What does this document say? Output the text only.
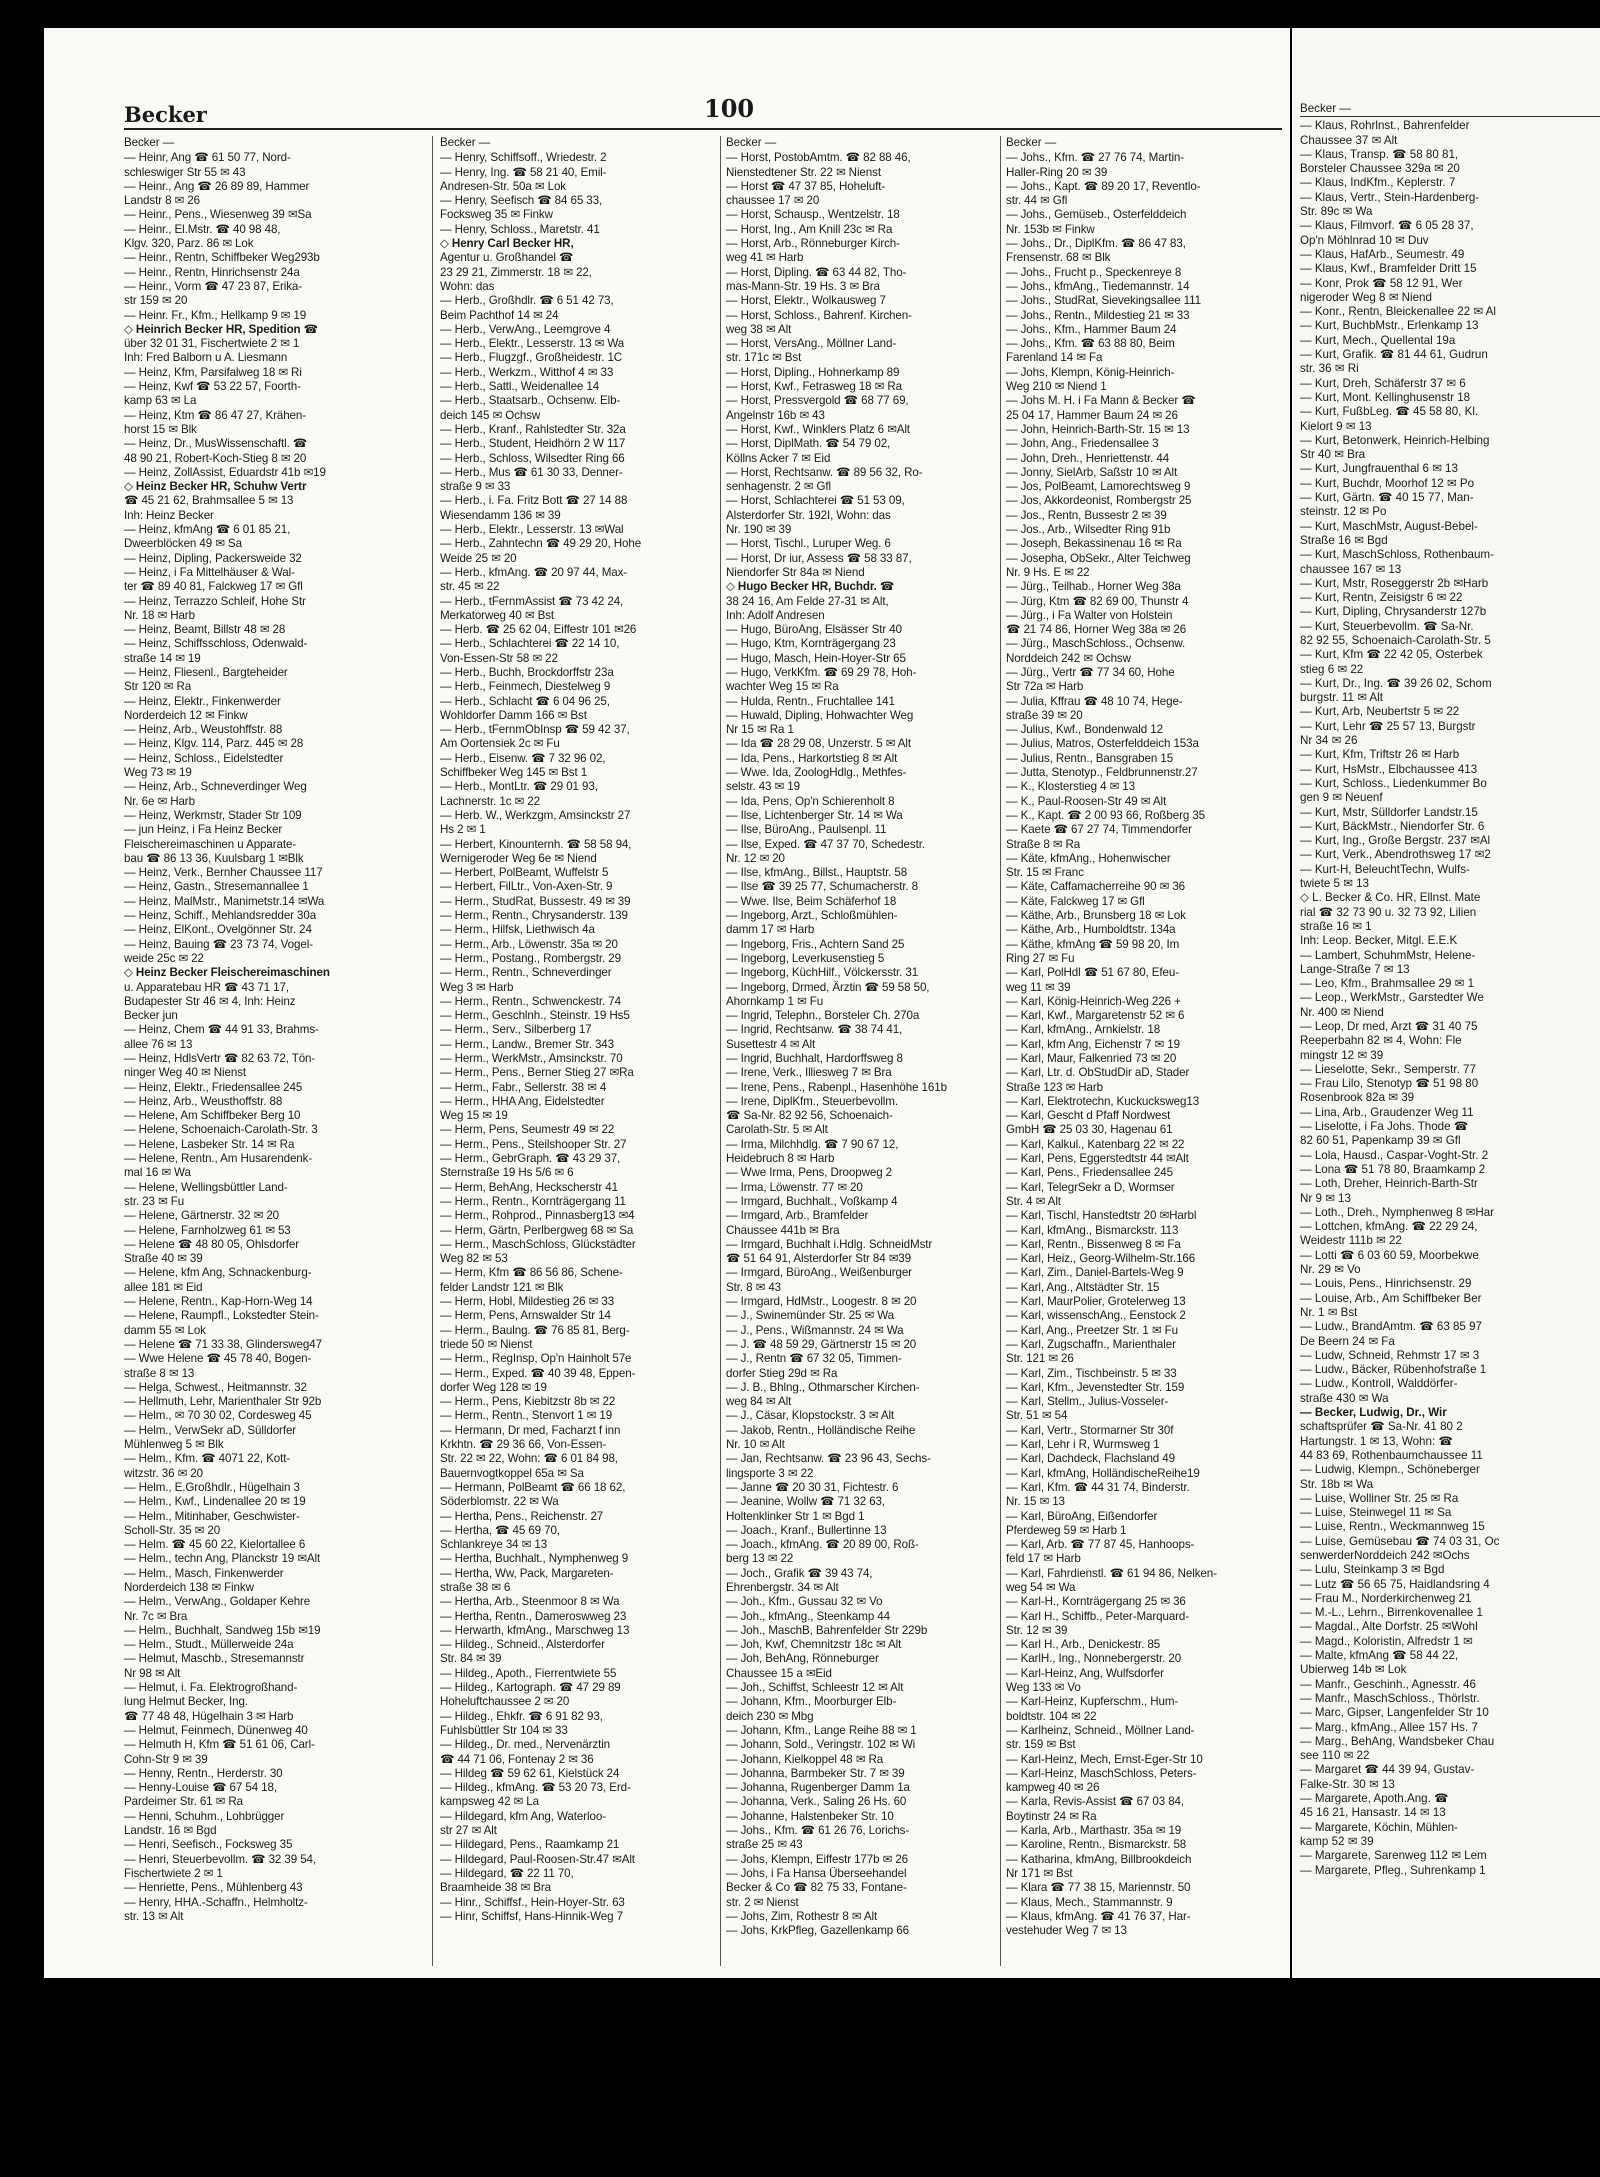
Becker	100
Becker —
— Heinr, Ang ☎ 61 50 77, Nord-
schleswiger Str 55 ✉ 43
— Heinr., Ang ☎ 26 89 89, Hammer
Landstr 8 ✉ 26
— Heinr., Pens., Wiesenweg 39 ✉Sa
— Heinr., El.Mstr. ☎ 40 98 48,
Klgv. 320, Parz. 86 ✉ Lok
— Heinr., Rentn, Schiffbeker Weg293b
— Heinr., Rentn, Hinrichsenstr 24a
— Heinr., Vorm ☎ 47 23 87, Erika-
str 159 ✉ 20
— Heinr. Fr., Kfm., Hellkamp 9 ✉ 19
◇ Heinrich Becker HR, Spedition ☎
über 32 01 31, Fischertwiete 2 ✉ 1
Inh: Fred Balborn u A. Liesmann
— Heinz, Kfm, Parsifalweg 18 ✉ Ri
— Heinz, Kwf ☎ 53 22 57, Foorth-
kamp 63 ✉ La
— Heinz, Ktm ☎ 86 47 27, Krähen-
horst 15 ✉ Blk
— Heinz, Dr., MusWissenschaftl. ☎
48 90 21, Robert-Koch-Stieg 8 ✉ 20
— Heinz, ZollAssist, Eduardstr 41b ✉19
◇ Heinz Becker HR, Schuhw Vertr
☎ 45 21 62, Brahmsallee 5 ✉ 13
Inh: Heinz Becker
— Heinz, kfmAng ☎ 6 01 85 21,
Dweerblöcken 49 ✉ Sa
— Heinz, Dipling, Packersweide 32
— Heinz, i Fa Mittelhäuser & Wal-
ter ☎ 89 40 81, Falckweg 17 ✉ Gfl
— Heinz, Terrazzo Schleif, Hohe Str
Nr. 18 ✉ Harb
— Heinz, Beamt, Billstr 48 ✉ 28
— Heinz, Schiffsschloss, Odenwald-
straße 14 ✉ 19
— Heinz, Fliesenl., Bargteheider
Str 120 ✉ Ra
— Heinz, Elektr., Finkenwerder
Norderdeich 12 ✉ Finkw
— Heinz, Arb., Weustohffstr. 88
— Heinz, Klgv. 114, Parz. 445 ✉ 28
— Heinz, Schloss., Eidelstedter
Weg 73 ✉ 19
— Heinz, Arb., Schneverdinger Weg
Nr. 6e ✉ Harb
— Heinz, Werkmstr, Stader Str 109
— jun Heinz, i Fa Heinz Becker
Fleischereimaschinen u Apparate-
bau ☎ 86 13 36, Kuulsbarg 1 ✉Blk
— Heinz, Verk., Bernher Chaussee 117
— Heinz, Gastn., Stresemannallee 1
— Heinz, MalMstr., Manimetstr.14 ✉Wa
— Heinz, Schiff., Mehlandsredder 30a
— Heinz, ElKont., Ovelgönner Str. 24
— Heinz, Bauing ☎ 23 73 74, Vogel-
weide 25c ✉ 22
◇ Heinz Becker Fleischereimaschinen
u. Apparatebau HR ☎ 43 71 17,
Budapester Str 46 ✉ 4, Inh: Heinz
Becker jun
— Heinz, Chem ☎ 44 91 33, Brahms-
allee 76 ✉ 13
— Heinz, HdlsVertr ☎ 82 63 72, Tön-
ninger Weg 40 ✉ Nienst
— Heinz, Elektr., Friedensallee 245
— Heinz, Arb., Weusthoffstr. 88
— Helene, Am Schiffbeker Berg 10
— Helene, Schoenaich-Carolath-Str. 3
— Helene, Lasbeker Str. 14 ✉ Ra
— Helene, Rentn., Am Husarendenk-
mal 16 ✉ Wa
— Helene, Wellingsbüttler Land-
str. 23 ✉ Fu
— Helene, Gärtnerstr. 32 ✉ 20
— Helene, Farnholzweg 61 ✉ 53
— Helene ☎ 48 80 05, Ohlsdorfer
Straße 40 ✉ 39
— Helene, kfm Ang, Schnackenburg-
allee 181 ✉ Eid
— Helene, Rentn., Kap-Horn-Weg 14
— Helene, Raumpfl., Lokstedter Stein-
damm 55 ✉ Lok
— Helene ☎ 71 33 38, Glindersweg47
— Wwe Helene ☎ 45 78 40, Bogen-
straße 8 ✉ 13
— Helga, Schwest., Heitmannstr. 32
— Hellmuth, Lehr, Marienthaler Str 92b
— Helm., ✉ 70 30 02, Cordesweg 45
— Helm., VerwSekr aD, Sülldorfer
Mühlenweg 5 ✉ Blk
— Helm., Kfm. ☎ 4071 22, Kott-
witzstr. 36 ✉ 20
— Helm., E.Großhdlr., Hügelhain 3
— Helm., Kwf., Lindenallee 20 ✉ 19
— Helm., Mitinhaber, Geschwister-
Scholl-Str. 35 ✉ 20
— Helm. ☎ 45 60 22, Kielortallee 6
— Helm., techn Ang, Planckstr 19 ✉Alt
— Helm., Masch, Finkenwerder
Norderdeich 138 ✉ Finkw
— Helm., VerwAng., Goldaper Kehre
Nr. 7c ✉ Bra
— Helm., Buchhalt, Sandweg 15b ✉19
— Helm., Studt., Müllerweide 24a
— Helmut, Maschb., Stresemannstr
Nr 98 ✉ Alt
— Helmut, i. Fa. Elektrogroßhand-
lung Helmut Becker, Ing.
☎ 77 48 48, Hügelhain 3 ✉ Harb
— Helmut, Feinmech, Dünenweg 40
— Helmuth H, Kfm ☎ 51 61 06, Carl-
Cohn-Str 9 ✉ 39
— Henny, Rentn., Herderstr. 30
— Henny-Louise ☎ 67 54 18,
Pardeimer Str. 61 ✉ Ra
— Henni, Schuhm., Lohbrügger
Landstr. 16 ✉ Bgd
— Henri, Seefisch., Focksweg 35
— Henri, Steuerbevollm. ☎ 32 39 54,
Fischertwiete 2 ✉ 1
— Henriette, Pens., Mühlenberg 43
— Henry, HHA.-Schaffn., Helmholtz-
str. 13 ✉ Alt
Becker —
— Henry, Schiffsoff., Wriedestr. 2
— Henry, Ing. ☎ 58 21 40, Emil-
Andresen-Str. 50a ✉ Lok
— Henry, Seefisch ☎ 84 65 33,
Focksweg 35 ✉ Finkw
— Henry, Schloss., Maretstr. 41
◇ Henry Carl Becker HR,
Agentur u. Großhandel ☎
23 29 21, Zimmerstr. 18 ✉ 22,
Wohn: das
— Herb., Großhdlr. ☎ 6 51 42 73,
Beim Pachthof 14 ✉ 24
— Herb., VerwAng., Leemgrove 4
— Herb., Elektr., Lesserstr. 13 ✉ Wa
— Herb., Flugzgf., Großheidestr. 1C
— Herb., Werkzm., Witthof 4 ✉ 33
— Herb., Sattl., Weidenallee 14
— Herb., Staatsarb., Ochsenw. Elb-
deich 145 ✉ Ochsw
— Herb., Kranf., Rahlstedter Str. 32a
— Herb., Student, Heidhörn 2 W 117
— Herb., Schloss, Wilsedter Ring 66
— Herb., Mus ☎ 61 30 33, Denner-
straße 9 ✉ 33
— Herb., i. Fa. Fritz Bott ☎ 27 14 88
Wiesendamm 136 ✉ 39
— Herb., Elektr., Lesserstr. 13 ✉Wal
— Herb., Zahntechn ☎ 49 29 20, Hohe
Weide 25 ✉ 20
— Herb., kfmAng. ☎ 20 97 44, Max-
str. 45 ✉ 22
— Herb., tFernmAssist ☎ 73 42 24,
Merkatorweg 40 ✉ Bst
— Herb. ☎ 25 62 04, Eiffestr 101 ✉26
— Herb., Schlachterei ☎ 22 14 10,
Von-Essen-Str 58 ✉ 22
— Herb., Buchh, Brockdorffstr 23a
— Herb., Feinmech, Diestelweg 9
— Herb., Schlacht ☎ 6 04 96 25,
Wohldorfer Damm 166 ✉ Bst
— Herb., tFernmObInsp ☎ 59 42 37,
Am Oortensiek 2c ✉ Fu
— Herb., Eisenw. ☎ 7 32 96 02,
Schiffbeker Weg 145 ✉ Bst 1
— Herb., MontLtr. ☎ 29 01 93,
Lachnerstr. 1c ✉ 22
— Herb. W., Werkzgm, Amsinckstr 27
Hs 2 ✉ 1
— Herbert, Kinounternh. ☎ 58 58 94,
Wernigeroder Weg 6e ✉ Niend
— Herbert, PolBeamt, Wuffelstr 5
— Herbert, FilLtr., Von-Axen-Str. 9
— Herm., StudRat, Bussestr. 49 ✉ 39
— Herm., Rentn., Chrysanderstr. 139
— Herm., Hilfsk, Liethwisch 4a
— Herm., Arb., Löwenstr. 35a ✉ 20
— Herm., Postang., Rombergstr. 29
— Herm., Rentn., Schneverdinger
Weg 3 ✉ Harb
— Herm., Rentn., Schwenckestr. 74
— Herm., Geschlnh., Steinstr. 19 Hs5
— Herm., Serv., Silberberg 17
— Herm., Landw., Bremer Str. 343
— Herm., WerkMstr., Amsinckstr. 70
— Herm., Pens., Berner Stieg 27 ✉Ra
— Herm., Fabr., Sellerstr. 38 ✉ 4
— Herm., HHA Ang, Eidelstedter
Weg 15 ✉ 19
— Herm, Pens, Seumestr 49 ✉ 22
— Herm., Pens., Steilshooper Str. 27
— Herm., GebrGraph. ☎ 43 29 37,
Sternstraße 19 Hs 5/6 ✉ 6
— Herm, BehAng, Heckscherstr 41
— Herm., Rentn., Kornträgergang 11
— Herm., Rohprod., Pinnasberg13 ✉4
— Herm, Gärtn, Perlbergweg 68 ✉ Sa
— Herm., MaschSchloss, Glückstädter
Weg 82 ✉ 53
— Herm, Kfm ☎ 86 56 86, Schene-
felder Landstr 121 ✉ Blk
— Herm, Hobl, Mildestieg 26 ✉ 33
— Herm, Pens, Arnswalder Str 14
— Herm., Baulng. ☎ 76 85 81, Berg-
triede 50 ✉ Nienst
— Herm., RegInsp, Op'n Hainholt 57e
— Herm., Exped. ☎ 40 39 48, Eppen-
dorfer Weg 128 ✉ 19
— Herm., Pens, Kiebitzstr 8b ✉ 22
— Herm., Rentn., Stenvort 1 ✉ 19
— Hermann, Dr med, Facharzt f inn
Krkhtn. ☎ 29 36 66, Von-Essen-
Str. 22 ✉ 22, Wohn: ☎ 6 01 84 98,
Bauernvogtkoppel 65a ✉ Sa
— Hermann, PolBeamt ☎ 66 18 62,
Söderblomstr. 22 ✉ Wa
— Hertha, Pens., Reichenstr. 27
— Hertha, ☎ 45 69 70,
Schlankreye 34 ✉ 13
— Hertha, Buchhalt., Nymphenweg 9
— Hertha, Ww, Pack, Margareten-
straße 38 ✉ 6
— Hertha, Arb., Steenmoor 8 ✉ Wa
— Hertha, Rentn., Dameroswweg 23
— Herwarth, kfmAng., Marschweg 13
— Hildeg., Schneid., Alsterdorfer
Str. 84 ✉ 39
— Hildeg., Apoth., Fierrentwiete 55
— Hildeg., Kartograph. ☎ 47 29 89
Hoheluftchaussee 2 ✉ 20
— Hildeg., Ehkfr. ☎ 6 91 82 93,
Fuhlsbüttler Str 104 ✉ 33
— Hildeg., Dr. med., Nervenärztin
☎ 44 71 06, Fontenay 2 ✉ 36
— Hildeg ☎ 59 62 61, Kielstück 24
— Hildeg., kfmAng. ☎ 53 20 73, Erd-
kampsweg 42 ✉ La
— Hildegard, kfm Ang, Waterloo-
str 27 ✉ Alt
— Hildegard, Pens., Raamkamp 21
— Hildegard, Paul-Roosen-Str.47 ✉Alt
— Hildegard, ☎ 22 11 70,
Braamheide 38 ✉ Bra
— Hinr., Schiffsf., Hein-Hoyer-Str. 63
— Hinr, Schiffsf, Hans-Hinnik-Weg 7
Becker —
— Horst, PostobAmtm. ☎ 82 88 46,
Nienstedtener Str. 22 ✉ Nienst
— Horst ☎ 47 37 85, Hoheluft-
chaussee 17 ✉ 20
— Horst, Schausp., Wentzelstr. 18
— Horst, Ing., Am Knill 23c ✉ Ra
— Horst, Arb., Rönneburger Kirch-
weg 41 ✉ Harb
— Horst, Dipling. ☎ 63 44 82, Tho-
mas-Mann-Str. 19 Hs. 3 ✉ Bra
— Horst, Elektr., Wolkausweg 7
— Horst, Schloss., Bahrenf. Kirchen-
weg 38 ✉ Alt
— Horst, VersAng., Möllner Land-
str. 171c ✉ Bst
— Horst, Dipling., Hohnerkamp 89
— Horst, Kwf., Fetrasweg 18 ✉ Ra
— Horst, Pressvergold ☎ 68 77 69,
Angelnstr 16b ✉ 43
— Horst, Kwf., Winklers Platz 6 ✉Alt
— Horst, DiplMath. ☎ 54 79 02,
Köllns Acker 7 ✉ Eid
— Horst, Rechtsanw. ☎ 89 56 32, Ro-
senhagenstr. 2 ✉ Gfl
— Horst, Schlachterei ☎ 51 53 09,
Alsterdorfer Str. 192I, Wohn: das
Nr. 190 ✉ 39
— Horst, Tischl., Luruper Weg. 6
— Horst, Dr iur, Assess ☎ 58 33 87,
Niendorfer Str 84a ✉ Niend
◇ Hugo Becker HR, Buchdr. ☎
38 24 16, Am Felde 27-31 ✉ Alt,
Inh: Adolf Andresen
— Hugo, BüroAng, Elsässer Str 40
— Hugo, Ktm, Kornträgergang 23
— Hugo, Masch, Hein-Hoyer-Str 65
— Hugo, VerkKfm. ☎ 69 29 78, Hoh-
wachter Weg 15 ✉ Ra
— Hulda, Rentn., Fruchtallee 141
— Huwald, Dipling, Hohwachter Weg
Nr 15 ✉ Ra 1
— Ida ☎ 28 29 08, Unzerstr. 5 ✉ Alt
— Ida, Pens., Harkortstieg 8 ✉ Alt
— Wwe. Ida, ZoologHdlg., Methfes-
selstr. 43 ✉ 19
— Ida, Pens, Op'n Schierenholt 8
— Ilse, Lichtenberger Str. 14 ✉ Wa
— Ilse, BüroAng., Paulsenpl. 11
— Ilse, Exped. ☎ 47 37 70, Schedestr.
Nr. 12 ✉ 20
— Ilse, kfmAng., Billst., Hauptstr. 58
— Ilse ☎ 39 25 77, Schumacherstr. 8
— Wwe. Ilse, Beim Schäferhof 18
— Ingeborg, Arzt., Schloßmühlen-
damm 17 ✉ Harb
— Ingeborg, Fris., Achtern Sand 25
— Ingeborg, Leverkusenstieg 5
— Ingeborg, KüchHilf., Völckersstr. 31
— Ingeborg, Drmed, Ärztin ☎ 59 58 50,
Ahornkamp 1 ✉ Fu
— Ingrid, Telephn., Borsteler Ch. 270a
— Ingrid, Rechtsanw. ☎ 38 74 41,
Susettestr 4 ✉ Alt
— Ingrid, Buchhalt, Hardorffsweg 8
— Irene, Verk., Illiesweg 7 ✉ Bra
— Irene, Pens., Rabenpl., Hasenhöhe 161b
— Irene, DiplKfm., Steuerbevollm.
☎ Sa-Nr. 82 92 56, Schoenaich-
Carolath-Str. 5 ✉ Alt
— Irma, Milchhdlg. ☎ 7 90 67 12,
Heidebruch 8 ✉ Harb
— Wwe Irma, Pens, Droopweg 2
— Irma, Löwenstr. 77 ✉ 20
— Irmgard, Buchhalt., Voßkamp 4
— Irmgard, Arb., Bramfelder
Chaussee 441b ✉ Bra
— Irmgard, Buchhalt i.Hdlg. SchneidMstr
☎ 51 64 91, Alsterdorfer Str 84 ✉39
— Irmgard, BüroAng., Weißenburger
Str. 8 ✉ 43
— Irmgard, HdMstr., Loogestr. 8 ✉ 20
— J., Swinemünder Str. 25 ✉ Wa
— J., Pens., Wißmannstr. 24 ✉ Wa
— J. ☎ 48 59 29, Gärtnerstr 15 ✉ 20
— J., Rentn ☎ 67 32 05, Timmen-
dorfer Stieg 29d ✉ Ra
— J. B., Bhlng., Othmarscher Kirchen-
weg 84 ✉ Alt
— J., Cäsar, Klopstockstr. 3 ✉ Alt
— Jakob, Rentn., Holländische Reihe
Nr. 10 ✉ Alt
— Jan, Rechtsanw. ☎ 23 96 43, Sechs-
lingsporte 3 ✉ 22
— Janne ☎ 20 30 31, Fichtestr. 6
— Jeanine, Wollw ☎ 71 32 63,
Holtenklinker Str 1 ✉ Bgd 1
— Joach., Kranf., Bullertinne 13
— Joach., kfmAng. ☎ 20 89 00, Roß-
berg 13 ✉ 22
— Joch., Grafik ☎ 39 43 74,
Ehrenbergstr. 34 ✉ Alt
— Joh., Kfm., Gussau 32 ✉ Vo
— Joh., kfmAng., Steenkamp 44
— Joh., MaschB, Bahrenfelder Str 229b
— Joh, Kwf, Chemnitzstr 18c ✉ Alt
— Joh, BehAng, Rönneburger
Chaussee 15 a ✉Eid
— Joh., Schiffst, Schleestr 12 ✉ Alt
— Johann, Kfm., Moorburger Elb-
deich 230 ✉ Mbg
— Johann, Kfm., Lange Reihe 88 ✉ 1
— Johann, Sold., Veringstr. 102 ✉ Wi
— Johann, Kielkoppel 48 ✉ Ra
— Johanna, Barmbeker Str. 7 ✉ 39
— Johanna, Rugenberger Damm 1a
— Johanna, Verk., Saling 26 Hs. 60
— Johanne, Halstenbeker Str. 10
— Johs., Kfm. ☎ 61 26 76, Lorichs-
straße 25 ✉ 43
— Johs, Klempn, Eiffestr 177b ✉ 26
— Johs, i Fa Hansa Überseehandel
Becker & Co ☎ 82 75 33, Fontane-
str. 2 ✉ Nienst
— Johs, Zim, Rothestr 8 ✉ Alt
— Johs, KrkPfleg, Gazellenkamp 66
Becker —
— Johs., Kfm. ☎ 27 76 74, Martin-
Haller-Ring 20 ✉ 39
— Johs., Kapt. ☎ 89 20 17, Reventlo-
str. 44 ✉ Gfl
— Johs., Gemüseb., Osterfelddeich
Nr. 153b ✉ Finkw
— Johs., Dr., DiplKfm. ☎ 86 47 83,
Frensenstr. 68 ✉ Blk
— Johs., Frucht p., Speckenreye 8
— Johs., kfmAng., Tiedemannstr. 14
— Johs., StudRat, Sievekingsallee 111
— Johs., Rentn., Mildestieg 21 ✉ 33
— Johs., Kfm., Hammer Baum 24
— Johs., Kfm. ☎ 63 88 80, Beim
Farenland 14 ✉ Fa
— Johs, Klempn, König-Heinrich-
Weg 210 ✉ Niend 1
— Johs M. H. i Fa Mann & Becker ☎
25 04 17, Hammer Baum 24 ✉ 26
— John, Heinrich-Barth-Str. 15 ✉ 13
— John, Ang., Friedensallee 3
— John, Dreh., Henriettenstr. 44
— Jonny, SielArb, Saßstr 10 ✉ Alt
— Jos, PolBeamt, Lamorechtsweg 9
— Jos, Akkordeonist, Rombergstr 25
— Jos., Rentn, Bussestr 2 ✉ 39
— Jos., Arb., Wilsedter Ring 91b
— Joseph, Bekassinenau 16 ✉ Ra
— Josepha, ObSekr., Alter Teichweg
Nr. 9 Hs. E ✉ 22
— Jürg., Teilhab., Horner Weg 38a
— Jürg, Ktm ☎ 82 69 00, Thunstr 4
— Jürg., i Fa Walter von Holstein
☎ 21 74 86, Horner Weg 38a ✉ 26
— Jürg., MaschSchloss., Ochsenw.
Norddeich 242 ✉ Ochsw
— Jürg., Vertr ☎ 77 34 60, Hohe
Str 72a ✉ Harb
— Julia, Kffrau ☎ 48 10 74, Hege-
straße 39 ✉ 20
— Julius, Kwf., Bondenwald 12
— Julius, Matros, Osterfelddeich 153a
— Julius, Rentn., Bansgraben 15
— Jutta, Stenotyp., Feldbrunnenstr.27
— K., Klosterstieg 4 ✉ 13
— K., Paul-Roosen-Str 49 ✉ Alt
— K., Kapt. ☎ 2 00 93 66, Roßberg 35
— Kaete ☎ 67 27 74, Timmendorfer
Straße 8 ✉ Ra
— Käte, kfmAng., Hohenwischer
Str. 15 ✉ Franc
— Käte, Caffamacherreihe 90 ✉ 36
— Käte, Falckweg 17 ✉ Gfl
— Käthe, Arb., Brunsberg 18 ✉ Lok
— Käthe, Arb., Humboldtstr. 134a
— Käthe, kfmAng ☎ 59 98 20, Im
Ring 27 ✉ Fu
— Karl, PolHdl ☎ 51 67 80, Efeu-
weg 11 ✉ 39
— Karl, König-Heinrich-Weg 226 +
— Karl, Kwf., Margaretenstr 52 ✉ 6
— Karl, kfmAng., Arnkielstr. 18
— Karl, kfm Ang, Eichenstr 7 ✉ 19
— Karl, Maur, Falkenried 73 ✉ 20
— Karl, Ltr. d. ObStudDir aD, Stader
Straße 123 ✉ Harb
— Karl, Elektrotechn, Kuckucksweg13
— Karl, Gescht d Pfaff Nordwest
GmbH ☎ 25 03 30, Hagenau 61
— Karl, Kalkul., Katenbarg 22 ✉ 22
— Karl, Pens, Eggerstedtstr 44 ✉Alt
— Karl, Pens., Friedensallee 245
— Karl, TelegrSekr a D, Wormser
Str. 4 ✉ Alt
— Karl, Tischl, Hanstedtstr 20 ✉Harbl
— Karl, kfmAng., Bismarckstr. 113
— Karl, Rentn., Bissenweg 8 ✉ Fa
— Karl, Heiz., Georg-Wilhelm-Str.166
— Karl, Zim., Daniel-Bartels-Weg 9
— Karl, Ang., Altstädter Str. 15
— Karl, MaurPolier, Grotelerweg 13
— Karl, wissenschAng., Eenstock 2
— Karl, Ang., Preetzer Str. 1 ✉ Fu
— Karl, Zugschaffn., Marienthaler
Str. 121 ✉ 26
— Karl, Zim., Tischbeinstr. 5 ✉ 33
— Karl, Kfm., Jevenstedter Str. 159
— Karl, Stellm., Julius-Vosseler-
Str. 51 ✉ 54
— Karl, Vertr., Stormarner Str 30f
— Karl, Lehr i R, Wurmsweg 1
— Karl, Dachdeck, Flachsland 49
— Karl, kfmAng, HolländischeReihe19
— Karl, Kfm. ☎ 44 31 74, Binderstr.
Nr. 15 ✉ 13
— Karl, BüroAng, Eißendorfer
Pferdeweg 59 ✉ Harb 1
— Karl, Arb. ☎ 77 87 45, Hanhoops-
feld 17 ✉ Harb
— Karl, Fahrdienstl. ☎ 61 94 86, Nelken-
weg 54 ✉ Wa
— Karl-H., Kornträgergang 25 ✉ 36
— Karl H., Schiffb., Peter-Marquard-
Str. 12 ✉ 39
— Karl H., Arb., Denickestr. 85
— KarlH., Ing., Nonnebergerstr. 20
— Karl-Heinz, Ang, Wulfsdorfer
Weg 133 ✉ Vo
— Karl-Heinz, Kupferschm., Hum-
boldtstr. 104 ✉ 22
— Karlheinz, Schneid., Möllner Land-
str. 159 ✉ Bst
— Karl-Heinz, Mech, Ernst-Eger-Str 10
— Karl-Heinz, MaschSchloss, Peters-
kampweg 40 ✉ 26
— Karla, Revis-Assist ☎ 67 03 84,
Boytinstr 24 ✉ Ra
— Karla, Arb., Marthastr. 35a ✉ 19
— Karoline, Rentn., Bismarckstr. 58
— Katharina, kfmAng, Billbrookdeich
Nr 171 ✉ Bst
— Klara ☎ 77 38 15, Mariennstr. 50
— Klaus, Mech., Stammannstr. 9
— Klaus, kfmAng. ☎ 41 76 37, Har-
vestehuder Weg 7 ✉ 13
Becker —
— Klaus, Rohrlnst., Bahrenfelder
Chaussee 37 ✉ Alt
— Klaus, Transp. ☎ 58 80 81,
Borsteler Chaussee 329a ✉ 20
— Klaus, IndKfm., Keplerstr. 7
— Klaus, Vertr., Stein-Hardenberg-
Str. 89c ✉ Wa
— Klaus, Filmvorf. ☎ 6 05 28 37,
Op'n Möhlnrad 10 ✉ Duv
— Klaus, HafArb., Seumestr. 49
— Klaus, Kwf., Bramfelder Dritt 15
— Konr, Prok ☎ 58 12 91, Wer
nigeroder Weg 8 ✉ Niend
— Konr., Rentn, Bleickenallee 22 ✉ Al
— Kurt, BuchbMstr., Erlenkamp 13
— Kurt, Mech., Quellental 19a
— Kurt, Grafik. ☎ 81 44 61, Gudrun
str. 36 ✉ Ri
— Kurt, Dreh, Schäferstr 37 ✉ 6
— Kurt, Mont. Kellinghusenstr 18
— Kurt, FußbLeg. ☎ 45 58 80, Kl.
Kielort 9 ✉ 13
— Kurt, Betonwerk, Heinrich-Helbing
Str 40 ✉ Bra
— Kurt, Jungfrauenthal 6 ✉ 13
— Kurt, Buchdr, Moorhof 12 ✉ Po
— Kurt, Gärtn. ☎ 40 15 77, Man-
steinstr. 12 ✉ Po
— Kurt, MaschMstr, August-Bebel-
Straße 16 ✉ Bgd
— Kurt, MaschSchloss, Rothenbaum-
chaussee 167 ✉ 13
— Kurt, Mstr, Roseggerstr 2b ✉Harb
— Kurt, Rentn, Zeisigstr 6 ✉ 22
— Kurt, Dipling, Chrysanderstr 127b
— Kurt, Steuerbevollm. ☎ Sa-Nr.
82 92 55, Schoenaich-Carolath-Str. 5
— Kurt, Kfm ☎ 22 42 05, Osterbek
stieg 6 ✉ 22
— Kurt, Dr., Ing. ☎ 39 26 02, Schom
burgstr. 11 ✉ Alt
— Kurt, Arb, Neubertstr 5 ✉ 22
— Kurt, Lehr ☎ 25 57 13, Burgstr
Nr 34 ✉ 26
— Kurt, Kfm, Triftstr 26 ✉ Harb
— Kurt, HsMstr., Elbchaussee 413
— Kurt, Schloss., Liedenkummer Bo
gen 9 ✉ Neuenf
— Kurt, Mstr, Sülldorfer Landstr.15
— Kurt, BäckMstr., Niendorfer Str. 6
— Kurt, Ing., Große Bergstr. 237 ✉Al
— Kurt, Verk., Abendrothsweg 17 ✉2
— Kurt-H, BeleuchtTechn, Wulfs-
twiete 5 ✉ 13
◇ L. Becker & Co. HR, Ellnst. Mate
rial ☎ 32 73 90 u. 32 73 92, Lilien
straße 16 ✉ 1
Inh: Leop. Becker, Mitgl. E.E.K
— Lambert, SchuhmMstr, Helene-
Lange-Straße 7 ✉ 13
— Leo, Kfm., Brahmsallee 29 ✉ 1
— Leop., WerkMstr., Garstedter We
Nr. 400 ✉ Niend
— Leop, Dr med, Arzt ☎ 31 40 75
Reeperbahn 82 ✉ 4, Wohn: Fle
mingstr 12 ✉ 39
— Lieselotte, Sekr., Semperstr. 77
— Frau Lilo, Stenotyp ☎ 51 98 80
Rosenbrook 82a ✉ 39
— Lina, Arb., Graudenzer Weg 11
— Liselotte, i Fa Johs. Thode ☎
82 60 51, Papenkamp 39 ✉ Gfl
— Lola, Hausd., Caspar-Voght-Str. 2
— Lona ☎ 51 78 80, Braamkamp 2
— Loth, Dreher, Heinrich-Barth-Str
Nr 9 ✉ 13
— Loth., Dreh., Nymphenweg 8 ✉Har
— Lottchen, kfmAng. ☎ 22 29 24,
Weidestr 111b ✉ 22
— Lotti ☎ 6 03 60 59, Moorbekwe
Nr. 29 ✉ Vo
— Louis, Pens., Hinrichsenstr. 29
— Louise, Arb., Am Schiffbeker Ber
Nr. 1 ✉ Bst
— Ludw., BrandAmtm. ☎ 63 85 97
De Beern 24 ✉ Fa
— Ludw, Schneid, Rehmstr 17 ✉ 3
— Ludw., Bäcker, Rübenhofstraße 1
— Ludw., Kontroll, Walddörfer-
straße 430 ✉ Wa
— Becker, Ludwig, Dr., Wir
schaftsprüfer ☎ Sa-Nr. 41 80 2
Hartungstr. 1 ✉ 13, Wohn: ☎
44 83 69, Rothenbaumchaussee 11
— Ludwig, Klempn., Schöneberger
Str. 18b ✉ Wa
— Luise, Wolliner Str. 25 ✉ Ra
— Luise, Steinwegel 11 ✉ Sa
— Luise, Rentn., Weckmannweg 15
— Luise, Gemüsebau ☎ 74 03 31, Oc
senwerderNorddeich 242 ✉Ochs
— Lulu, Steinkamp 3 ✉ Bgd
— Lutz ☎ 56 65 75, Haidlandsring 4
— Frau M., Norderkirchenweg 21
— M.-L., Lehrn., Birrenkovenallee 1
— Magdal., Alte Dorfstr. 25 ✉Wohl
— Magd., Koloristin, Alfredstr 1 ✉
— Malte, kfmAng ☎ 58 44 22,
Ubierweg 14b ✉ Lok
— Manfr., Geschinh., Agnesstr. 46
— Manfr., MaschSchloss., Thörlstr.
— Marc, Gipser, Langenfelder Str 10
— Marg., kfmAng., Allee 157 Hs. 7
— Marg., BehAng, Wandsbeker Chau
see 110 ✉ 22
— Margaret ☎ 44 39 94, Gustav-
Falke-Str. 30 ✉ 13
— Margarete, Apoth.Ang. ☎
45 16 21, Hansastr. 14 ✉ 13
— Margarete, Köchin, Mühlen-
kamp 52 ✉ 39
— Margarete, Sarenweg 112 ✉ Lem
— Margarete, Pfleg., Suhrenkamp 1
